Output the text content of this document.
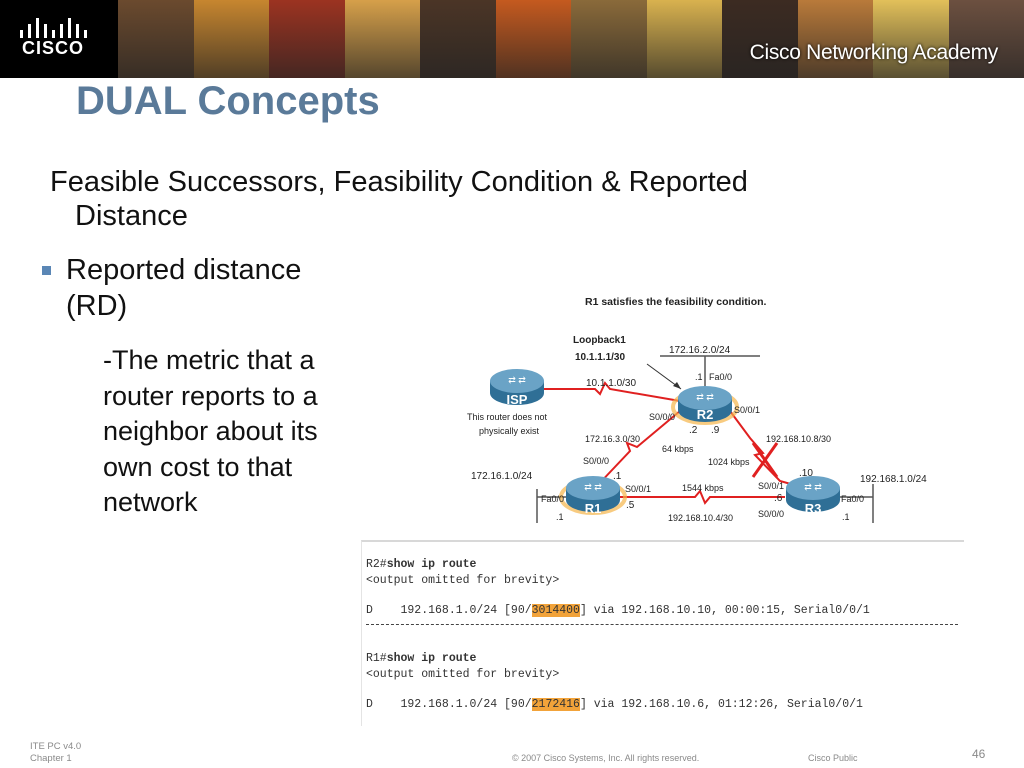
CISCO	Cisco Networking Academy
DUAL Concepts
Feasible Successors, Feasibility Condition & Reported
Distance
Reported distance
(RD)
-The metric that a
router reports to a
neighbor about its
own cost to that
network
R1 satisfies the feasibility condition.
⇄ ⇄
ISP	⇄ ⇄
R2
⇄ ⇄
R1
⇄ ⇄
R3
Loopback1
10.1.1.1/30
This router does not
physically exist
10.1.1.0/30
172.16.2.0/24
.1 Fa0/0
S0/0/0
S0/0/1
.2 .9
172.16.3.0/30
64 kbps
S0/0/0	1024 kbps
192.168.10.8/30
172.16.1.0/24	.1
Fa0/0
S0/0/1
.5
.1
1544 kbps
192.168.10.4/30
.10
S0/0/1
.6
S0/0/0
192.168.1.0/24
Fa0/0
.1
R2#show ip route
<output omitted for brevity>
D    192.168.1.0/24 [90/3014400] via 192.168.10.10, 00:00:15, Serial0/0/1
R1#show ip route
<output omitted for brevity>
D    192.168.1.0/24 [90/2172416] via 192.168.10.6, 01:12:26, Serial0/0/1
ITE PC v4.0
Chapter 1	© 2007 Cisco Systems, Inc. All rights reserved.	Cisco Public	46
